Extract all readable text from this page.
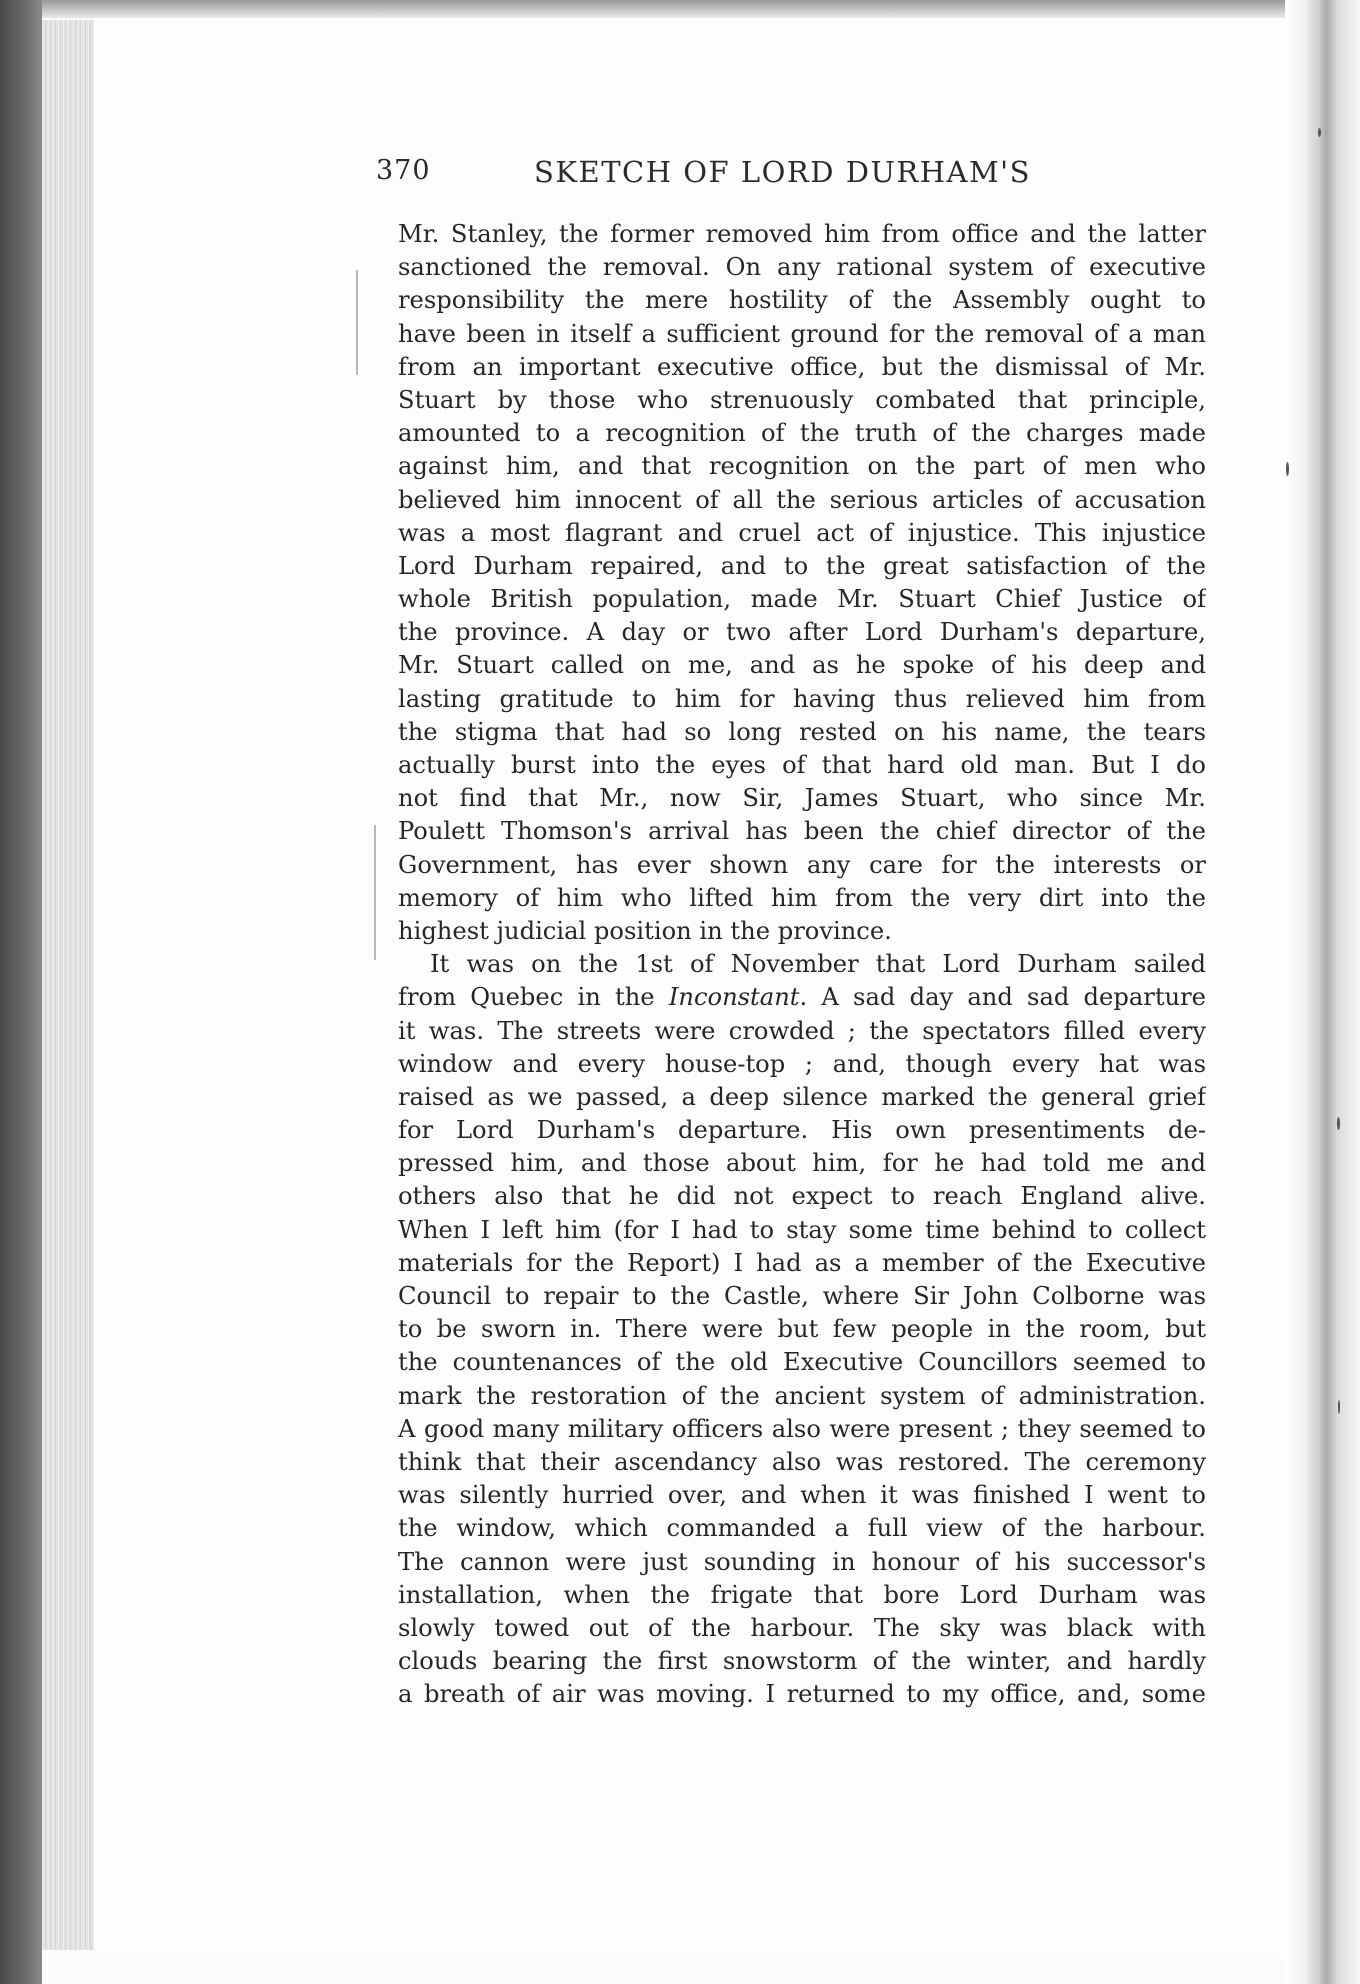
370	SKETCH OF LORD DURHAM'S
Mr. Stanley, the former removed him from office and the latter
sanctioned the removal. On any rational system of executive
responsibility the mere hostility of the Assembly ought to
have been in itself a sufficient ground for the removal of a man
from an important executive office, but the dismissal of Mr.
Stuart by those who strenuously combated that principle,
amounted to a recognition of the truth of the charges made
against him, and that recognition on the part of men who
believed him innocent of all the serious articles of accusation
was a most flagrant and cruel act of injustice. This injustice
Lord Durham repaired, and to the great satisfaction of the
whole British population, made Mr. Stuart Chief Justice of
the province. A day or two after Lord Durham's departure,
Mr. Stuart called on me, and as he spoke of his deep and
lasting gratitude to him for having thus relieved him from
the stigma that had so long rested on his name, the tears
actually burst into the eyes of that hard old man. But I do
not find that Mr., now Sir, James Stuart, who since Mr.
Poulett Thomson's arrival has been the chief director of the
Government, has ever shown any care for the interests or
memory of him who lifted him from the very dirt into the
highest judicial position in the province.
It was on the 1st of November that Lord Durham sailed
from Quebec in the Inconstant. A sad day and sad departure
it was. The streets were crowded ; the spectators filled every
window and every house-top ; and, though every hat was
raised as we passed, a deep silence marked the general grief
for Lord Durham's departure. His own presentiments de-
pressed him, and those about him, for he had told me and
others also that he did not expect to reach England alive.
When I left him (for I had to stay some time behind to collect
materials for the Report) I had as a member of the Executive
Council to repair to the Castle, where Sir John Colborne was
to be sworn in. There were but few people in the room, but
the countenances of the old Executive Councillors seemed to
mark the restoration of the ancient system of administration.
A good many military officers also were present ; they seemed to
think that their ascendancy also was restored. The ceremony
was silently hurried over, and when it was finished I went to
the window, which commanded a full view of the harbour.
The cannon were just sounding in honour of his successor's
installation, when the frigate that bore Lord Durham was
slowly towed out of the harbour. The sky was black with
clouds bearing the first snowstorm of the winter, and hardly
a breath of air was moving. I returned to my office, and, some
